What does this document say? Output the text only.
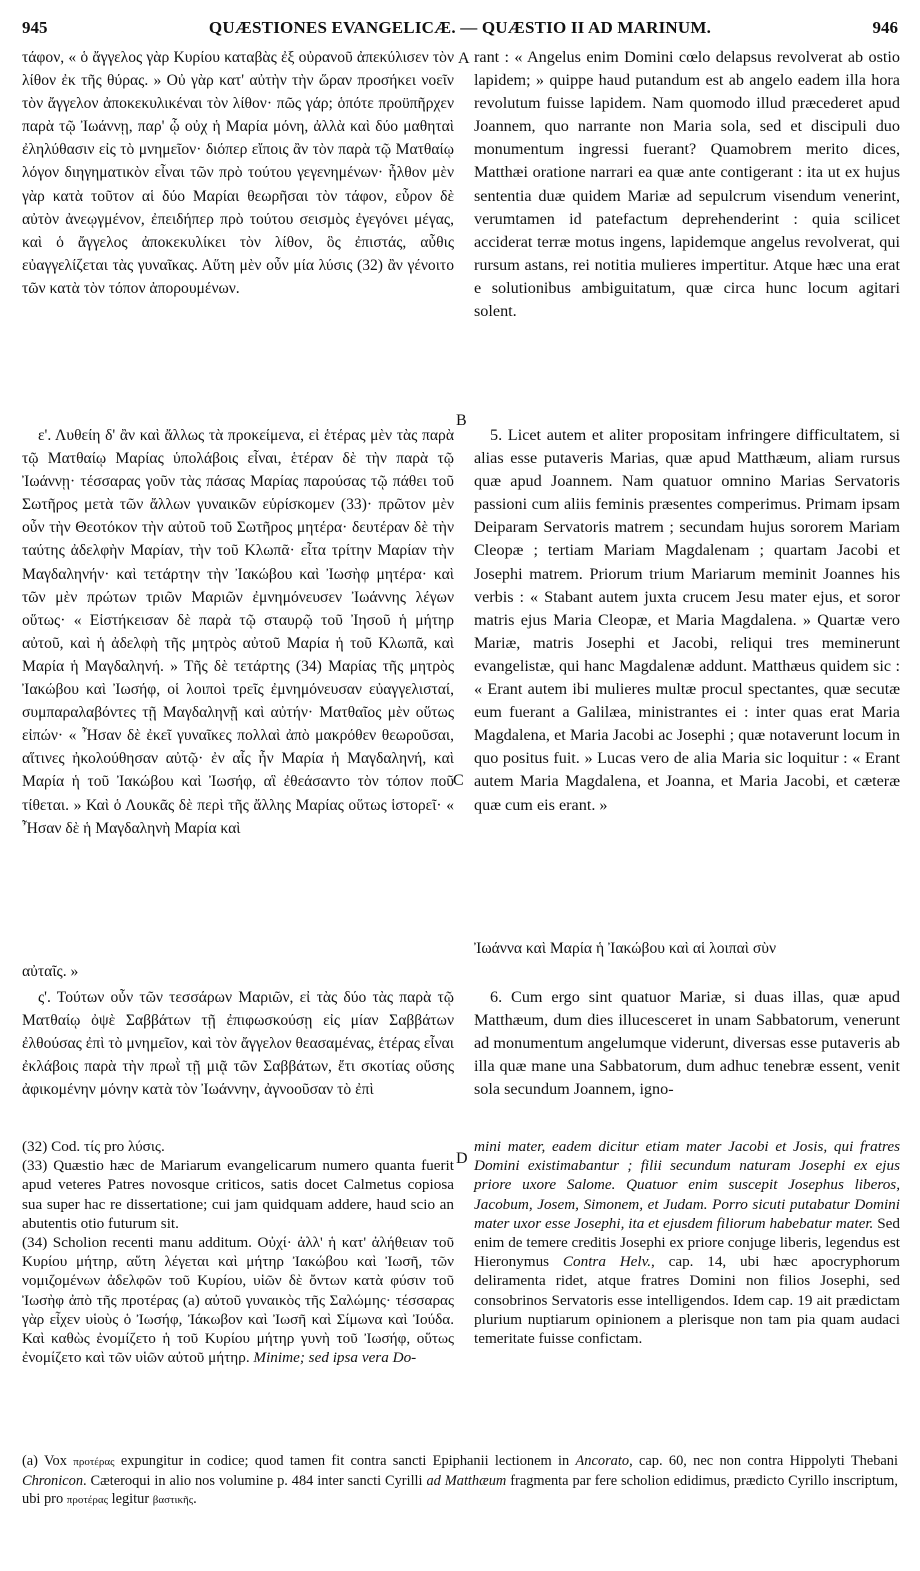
945	QUÆSTIONES EVANGELICÆ. — QUÆSTIO II AD MARINUM.	946
A
B
C
D

τάφον, « ὁ ἄγγελος γὰρ Κυρίου καταβὰς ἐξ οὐρανοῦ ἀπεκύλισεν τὸν λίθον ἐκ τῆς θύρας. » Οὐ γὰρ κατ' αὐτὴν τὴν ὥραν προσήκει νοεῖν τὸν ἄγγελον ἀποκεκυλικέναι τὸν λίθον· πῶς γάρ; ὁπότε προϋπῆρχεν παρὰ τῷ Ἰωάννῃ, παρ' ᾧ οὐχ ἡ Μαρία μόνη, ἀλλὰ καὶ δύο μαθηταὶ ἐληλύθασιν εἰς τὸ μνημεῖον· διόπερ εἴποις ἂν τὸν παρὰ τῷ Ματθαίῳ λόγον διηγηματικὸν εἶναι τῶν πρὸ τούτου γεγενημένων· ἦλθον μὲν γὰρ κατὰ τοῦτον αἱ δύο Μαρίαι θεωρῆσαι τὸν τάφον, εὗρον δὲ αὐτὸν ἀνεῳγμένον, ἐπειδήπερ πρὸ τούτου σεισμὸς ἐγεγόνει μέγας, καὶ ὁ ἄγγελος ἀποκεκυλίκει τὸν λίθον, ὃς ἐπιστάς, αὖθις εὐαγγελίζεται τὰς γυναῖκας. Αὕτη μὲν οὖν μία λύσις (32) ἂν γένοιτο τῶν κατὰ τὸν τόπον ἀπορουμένων.

rant : « Angelus enim Domini cœlo delapsus revolverat ab ostio lapidem; » quippe haud putandum est ab angelo eadem illa hora revolutum fuisse lapidem. Nam quomodo illud præcederet apud Joannem, quo narrante non Maria sola, sed et discipuli duo monumentum ingressi fuerant? Quamobrem merito dices, Matthæi oratione narrari ea quæ ante contigerant : ita ut ex hujus sententia duæ quidem Mariæ ad sepulcrum visendum venerint, verumtamen id patefactum deprehenderint : quia scilicet acciderat terræ motus ingens, lapidemque angelus revolverat, qui rursum astans, rei notitia mulieres impertitur. Atque hæc una erat e solutionibus ambiguitatum, quæ circa hunc locum agitari solent.

ε'. Λυθείη δ' ἂν καὶ ἄλλως τὰ προκείμενα, εἰ ἑτέρας μὲν τὰς παρὰ τῷ Ματθαίῳ Μαρίας ὑπολάβοις εἶναι, ἑτέραν δὲ τὴν παρὰ τῷ Ἰωάννῃ· τέσσαρας γοῦν τὰς πάσας Μαρίας παρούσας τῷ πάθει τοῦ Σωτῆρος μετὰ τῶν ἄλλων γυναικῶν εὑρίσκομεν (33)· πρῶτον μὲν οὖν τὴν Θεοτόκον τὴν αὐτοῦ τοῦ Σωτῆρος μητέρα· δευτέραν δὲ τὴν ταύτης ἀδελφὴν Μαρίαν, τὴν τοῦ Κλωπᾶ· εἶτα τρίτην Μαρίαν τὴν Μαγδαληνήν· καὶ τετάρτην τὴν Ἰακώβου καὶ Ἰωσὴφ μητέρα· καὶ τῶν μὲν πρώτων τριῶν Μαριῶν ἐμνημόνευσεν Ἰωάννης λέγων οὕτως· « Εἱστήκεισαν δὲ παρὰ τῷ σταυρῷ τοῦ Ἰησοῦ ἡ μήτηρ αὐτοῦ, καὶ ἡ ἀδελφὴ τῆς μητρὸς αὐτοῦ Μαρία ἡ τοῦ Κλωπᾶ, καὶ Μαρία ἡ Μαγδαληνή. » Τῆς δὲ τετάρτης (34) Μαρίας τῆς μητρὸς Ἰακώβου καὶ Ἰωσήφ, οἱ λοιποὶ τρεῖς ἐμνημόνευσαν εὐαγγελισταί, συμπαραλαβόντες τῇ Μαγδαληνῇ καὶ αὐτήν· Ματθαῖος μὲν οὕτως εἰπών· « Ἦσαν δὲ ἐκεῖ γυναῖκες πολλαὶ ἀπὸ μακρόθεν θεωροῦσαι, αἵτινες ἠκολούθησαν αὐτῷ· ἐν αἷς ἦν Μαρία ἡ Μαγδαληνή, καὶ Μαρία ἡ τοῦ Ἰακώβου καὶ Ἰωσήφ, αἳ ἐθεάσαντο τὸν τόπον ποῦ τίθεται. » Καὶ ὁ Λουκᾶς δὲ περὶ τῆς ἄλλης Μαρίας οὕτως ἱστορεῖ· « Ἦσαν δὲ ἡ Μαγδαληνὴ Μαρία καὶ

5. Licet autem et aliter propositam infringere difficultatem, si alias esse putaveris Marias, quæ apud Matthæum, aliam rursus quæ apud Joannem. Nam quatuor omnino Marias Servatoris passioni cum aliis feminis præsentes comperimus. Primam ipsam Deiparam Servatoris matrem ; secundam hujus sororem Mariam Cleopæ ; tertiam Mariam Magdalenam ; quartam Jacobi et Josephi matrem. Priorum trium Mariarum meminit Joannes his verbis : « Stabant autem juxta crucem Jesu mater ejus, et soror matris ejus Maria Cleopæ, et Maria Magdalena. » Quartæ vero Mariæ, matris Josephi et Jacobi, reliqui tres meminerunt evangelistæ, qui hanc Magdalenæ addunt. Matthæus quidem sic : « Erant autem ibi mulieres multæ procul spectantes, quæ secutæ eum fuerant a Galilæa, ministrantes ei : inter quas erat Maria Magdalena, et Maria Jacobi ac Josephi ; quæ notaverunt locum in quo positus fuit. » Lucas vero de alia Maria sic loquitur : « Erant autem Maria Magdalena, et Joanna, et Maria Jacobi, et cæteræ quæ cum eis erant. »

Ἰωάννα καὶ Μαρία ἡ Ἰακώβου καὶ αἱ λοιπαὶ σὺν

αὐταῖς. »

ς'. Τούτων οὖν τῶν τεσσάρων Μαριῶν, εἰ τὰς δύο τὰς παρὰ τῷ Ματθαίῳ ὀψὲ Σαββάτων τῇ ἐπιφωσκούσῃ εἰς μίαν Σαββάτων ἐλθούσας ἐπὶ τὸ μνημεῖον, καὶ τὸν ἄγγελον θεασαμένας, ἑτέρας εἶναι ἐκλάβοις παρὰ τὴν πρωῒ τῇ μιᾷ τῶν Σαββάτων, ἔτι σκοτίας οὔσης ἀφικομένην μόνην κατὰ τὸν Ἰωάννην, ἀγνοοῦσαν τὸ ἐπὶ

6. Cum ergo sint quatuor Mariæ, si duas illas, quæ apud Matthæum, dum dies illucesceret in unam Sabbatorum, venerunt ad monumentum angelumque viderunt, diversas esse putaveris ab illa quæ mane una Sabbatorum, dum adhuc tenebræ essent, venit sola secundum Joannem, igno-

(32) Cod. τίς pro λύσις.

(33) Quæstio hæc de Mariarum evangelicarum numero quanta fuerit apud veteres Patres novosque criticos, satis docet Calmetus copiosa sua super hac re dissertatione; cui jam quidquam addere, haud scio an abutentis otio futurum sit.

(34) Scholion recenti manu additum. Οὐχί· ἀλλ' ἡ κατ' ἀλήθειαν τοῦ Κυρίου μήτηρ, αὕτη λέγεται καὶ μήτηρ Ἰακώβου καὶ Ἰωσῆ, τῶν νομιζομένων ἀδελφῶν τοῦ Κυρίου, υἱῶν δὲ ὄντων κατὰ φύσιν τοῦ Ἰωσὴφ ἀπὸ τῆς προτέρας (a) αὐτοῦ γυναικὸς τῆς Σαλώμης· τέσσαρας γὰρ εἶχεν υἱοὺς ὁ Ἰωσήφ, Ἰάκωβον καὶ Ἰωσῆ καὶ Σίμωνα καὶ Ἰούδα. Καὶ καθὼς ἐνομίζετο ἡ τοῦ Κυρίου μήτηρ γυνὴ τοῦ Ἰωσήφ, οὕτως ἐνομίζετο καὶ τῶν υἱῶν αὐτοῦ μήτηρ. Minime; sed ipsa vera Do-

mini mater, eadem dicitur etiam mater Jacobi et Josis, qui fratres Domini existimabantur ; filii secundum naturam Josephi ex ejus priore uxore Salome. Quatuor enim suscepit Josephus liberos, Jacobum, Josem, Simonem, et Judam. Porro sicuti putabatur Domini mater uxor esse Josephi, ita et ejusdem filiorum habebatur mater. Sed enim de temere creditis Josephi ex priore conjuge liberis, legendus est Hieronymus Contra Helv., cap. 14, ubi hæc apocryphorum deliramenta ridet, atque fratres Domini non filios Josephi, sed consobrinos Servatoris esse intelligendos. Idem cap. 19 ait prædictam plurium nuptiarum opinionem a plerisque non tam pia quam audaci temeritate fuisse confictam.

(a) Vox προτέρας expungitur in codice; quod tamen fit contra sancti Epiphanii lectionem in Ancorato, cap. 60, nec non contra Hippolyti Thebani Chronicon. Cæteroqui in alio nos volumine p. 484 inter sancti Cyrilli ad Matthæum fragmenta par fere scholion edidimus, prædicto Cyrillo inscriptum, ubi pro προτέρας legitur βαστικῆς.
